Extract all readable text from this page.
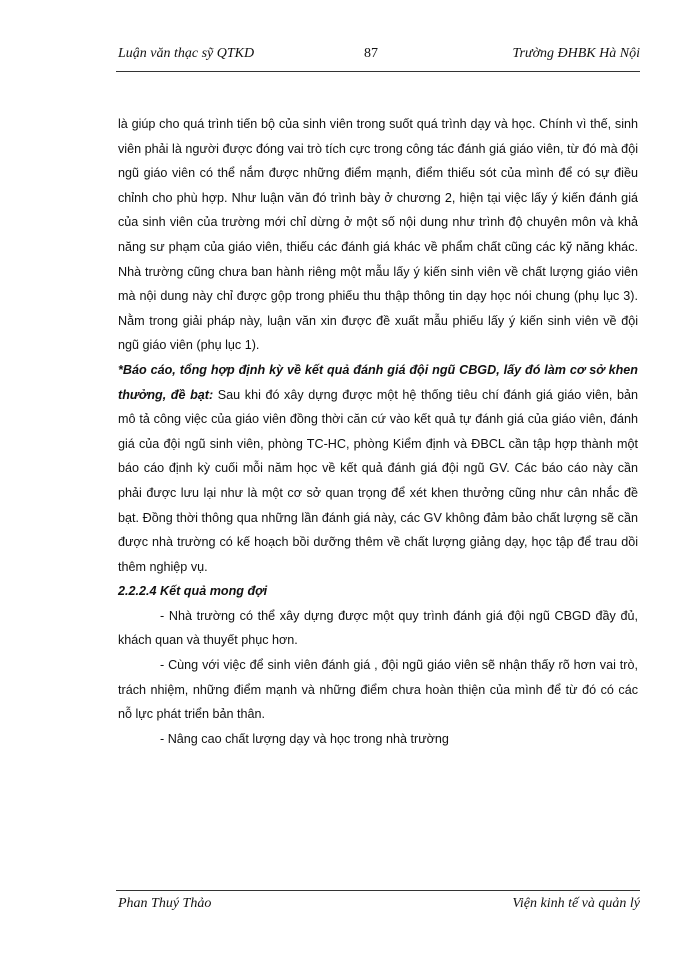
Luận văn thạc sỹ QTKD	87	Trường ĐHBK Hà Nội

là giúp cho quá trình tiến bộ của sinh viên trong suốt quá trình dạy và học. Chính vì thế, sinh viên phải là người được đóng vai trò tích cực trong công tác đánh giá giáo viên, từ đó mà đội ngũ giáo viên có thể nắm được những điểm mạnh, điểm thiếu sót của mình để có sự điều chỉnh cho phù hợp. Như luận văn đó trình bày ở chương 2, hiện tại việc lấy ý kiến đánh giá của sinh viên của trường mới chỉ dừng ở một số nội dung như trình độ chuyên môn và khả năng sư phạm của giáo viên, thiếu các đánh giá khác về phẩm chất cũng các kỹ năng khác. Nhà trường cũng chưa ban hành riêng một mẫu lấy ý kiến sinh viên về chất lượng giáo viên mà nội dung này chỉ được gộp trong phiếu thu thập thông tin dạy học nói chung (phụ lục 3). Nằm trong giải pháp này, luận văn xin được đề xuất mẫu phiếu lấy ý kiến sinh viên về đội ngũ giáo viên (phụ lục 1).

*Báo cáo, tổng hợp định kỳ về kết quả đánh giá đội ngũ CBGD, lấy đó làm cơ sở khen thưởng, đề bạt: Sau khi đó xây dựng được một hệ thống tiêu chí đánh giá giáo viên, bản mô tả công việc của giáo viên đồng thời căn cứ vào kết quả tự đánh giá của giáo viên, đánh giá của đội ngũ sinh viên, phòng TC-HC, phòng Kiểm định và ĐBCL cần tập hợp thành một báo cáo định kỳ cuối mỗi năm học về kết quả đánh giá đội ngũ GV. Các báo cáo này cần phải được lưu lại như là một cơ sở quan trọng để xét khen thưởng cũng như cân nhắc đề bạt. Đồng thời thông qua những lần đánh giá này, các GV không đảm bảo chất lượng sẽ cần được nhà trường có kế hoạch bồi dưỡng thêm về chất lượng giảng dạy, học tập để trau dồi thêm nghiệp vụ.

2.2.2.4 Kết quả mong đợi

- Nhà trường có thể xây dựng được một quy trình đánh giá đội ngũ CBGD đầy đủ, khách quan và thuyết phục hơn.

- Cùng với việc để sinh viên đánh giá , đội ngũ giáo viên sẽ nhận thấy rõ hơn vai trò, trách nhiệm, những điểm mạnh và những điểm chưa hoàn thiện của mình để từ đó có các nỗ lực phát triển bản thân.

- Nâng cao chất lượng dạy và học trong nhà trường

Phan Thuý Thảo	Viện kinh tế và quản lý
